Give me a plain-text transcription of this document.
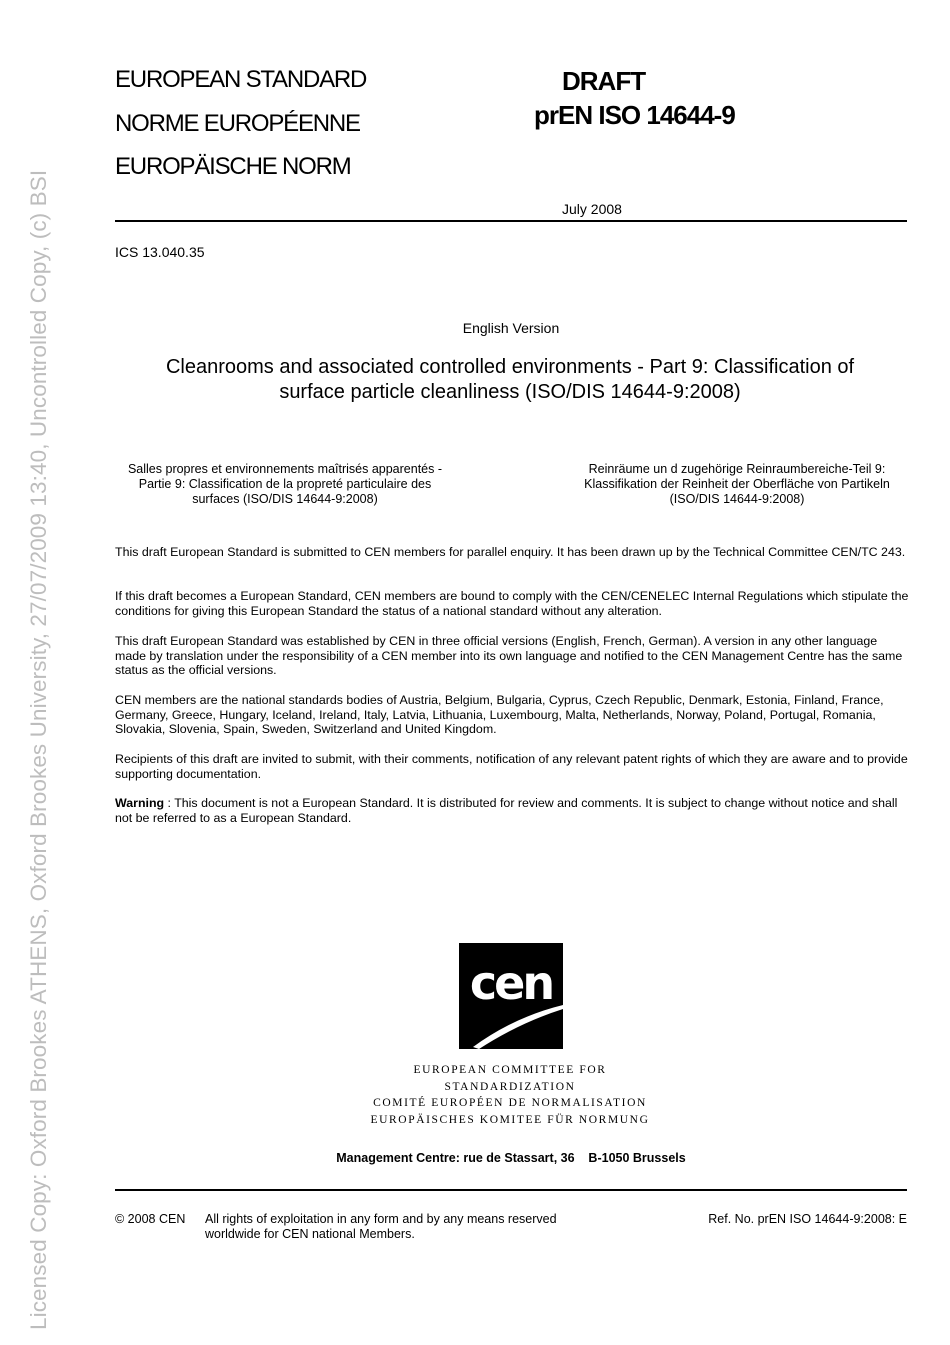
Licensed Copy: Oxford Brookes ATHENS, Oxford Brookes University, 27/07/2009 13:40, Uncontrolled Copy, (c) BSI
EUROPEAN STANDARD
NORME EUROPÉENNE
EUROPÄISCHE NORM
DRAFT
prEN ISO 14644-9
July 2008
ICS 13.040.35
English Version
Cleanrooms and associated controlled environments - Part 9: Classification of surface particle cleanliness (ISO/DIS 14644-9:2008)
Salles propres et environnements maîtrisés apparentés - Partie 9: Classification de la propreté particulaire des surfaces (ISO/DIS 14644-9:2008)
Reinräume un d zugehörige Reinraumbereiche-Teil 9: Klassifikation der Reinheit der Oberfläche von Partikeln (ISO/DIS 14644-9:2008)
This draft European Standard is submitted to CEN members for parallel enquiry. It has been drawn up by the Technical Committee CEN/TC 243.
If this draft becomes a European Standard, CEN members are bound to comply with the CEN/CENELEC Internal Regulations which stipulate the conditions for giving this European Standard the status of a national standard without any alteration.
This draft European Standard was established by CEN in three official versions (English, French, German). A version in any other language made by translation under the responsibility of a CEN member into its own language and notified to the CEN Management Centre has the same status as the official versions.
CEN members are the national standards bodies of Austria, Belgium, Bulgaria, Cyprus, Czech Republic, Denmark, Estonia, Finland, France, Germany, Greece, Hungary, Iceland, Ireland, Italy, Latvia, Lithuania, Luxembourg, Malta, Netherlands, Norway, Poland, Portugal, Romania, Slovakia, Slovenia, Spain, Sweden, Switzerland and United Kingdom.
Recipients of this draft are invited to submit, with their comments, notification of any relevant patent rights of which they are aware and to provide supporting documentation.
Warning : This document is not a European Standard. It is distributed for review and comments. It is subject to change without notice and shall not be referred to as a European Standard.
cen
EUROPEAN COMMITTEE FOR STANDARDIZATION
COMITÉ EUROPÉEN DE NORMALISATION
EUROPÄISCHES KOMITEE FÜR NORMUNG
Management Centre: rue de Stassart, 36    B-1050 Brussels
© 2008 CEN All rights of exploitation in any form and by any means reserved worldwide for CEN national Members.
Ref. No. prEN ISO 14644-9:2008: E
